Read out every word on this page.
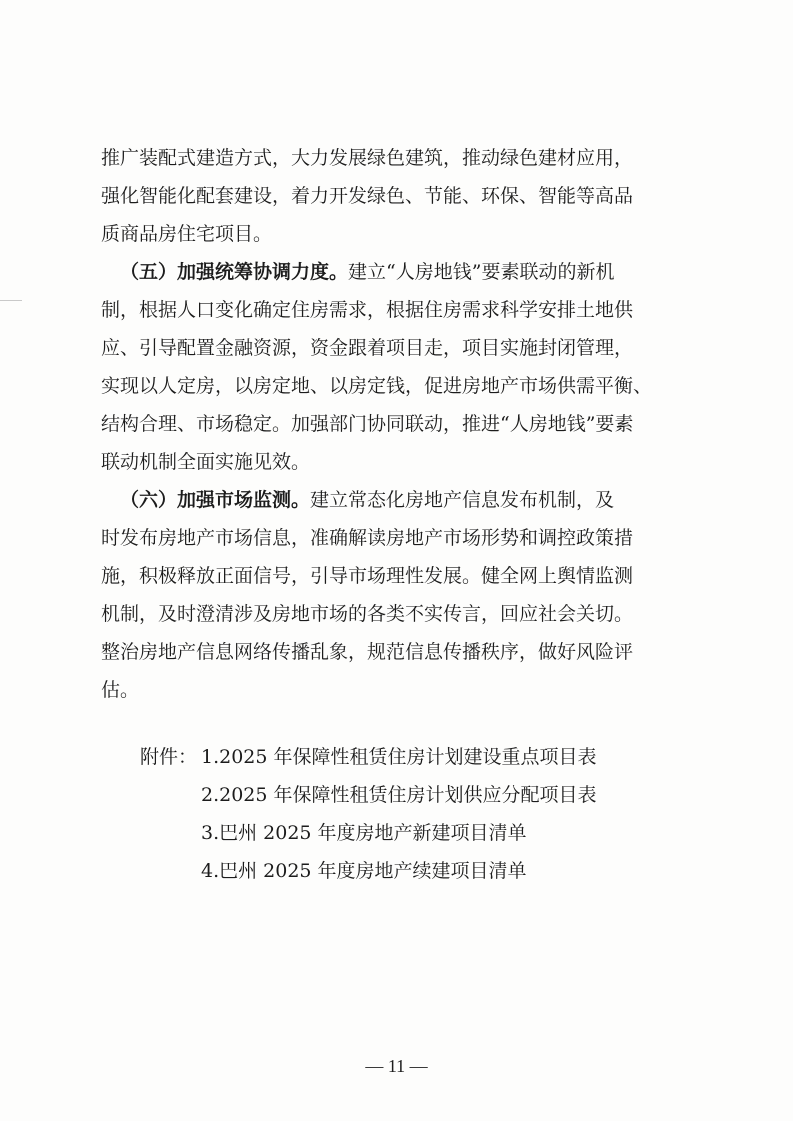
推广装配式建造方式，大力发展绿色建筑，推动绿色建材应用，
强化智能化配套建设，着力开发绿色、节能、环保、智能等高品
质商品房住宅项目。
（五）加强统筹协调力度。建立“人房地钱”要素联动的新机
制，根据人口变化确定住房需求，根据住房需求科学安排土地供
应、引导配置金融资源，资金跟着项目走，项目实施封闭管理，
实现以人定房，以房定地、以房定钱，促进房地产市场供需平衡、
结构合理、市场稳定。加强部门协同联动，推进“人房地钱”要素
联动机制全面实施见效。
（六）加强市场监测。建立常态化房地产信息发布机制，及
时发布房地产市场信息，准确解读房地产市场形势和调控政策措
施，积极释放正面信号，引导市场理性发展。健全网上舆情监测
机制，及时澄清涉及房地市场的各类不实传言，回应社会关切。
整治房地产信息网络传播乱象，规范信息传播秩序，做好风险评
估。
附件： 1.2025 年保障性租赁住房计划建设重点项目表
2.2025 年保障性租赁住房计划供应分配项目表
3.巴州 2025 年度房地产新建项目清单
4.巴州 2025 年度房地产续建项目清单
— 11 —
